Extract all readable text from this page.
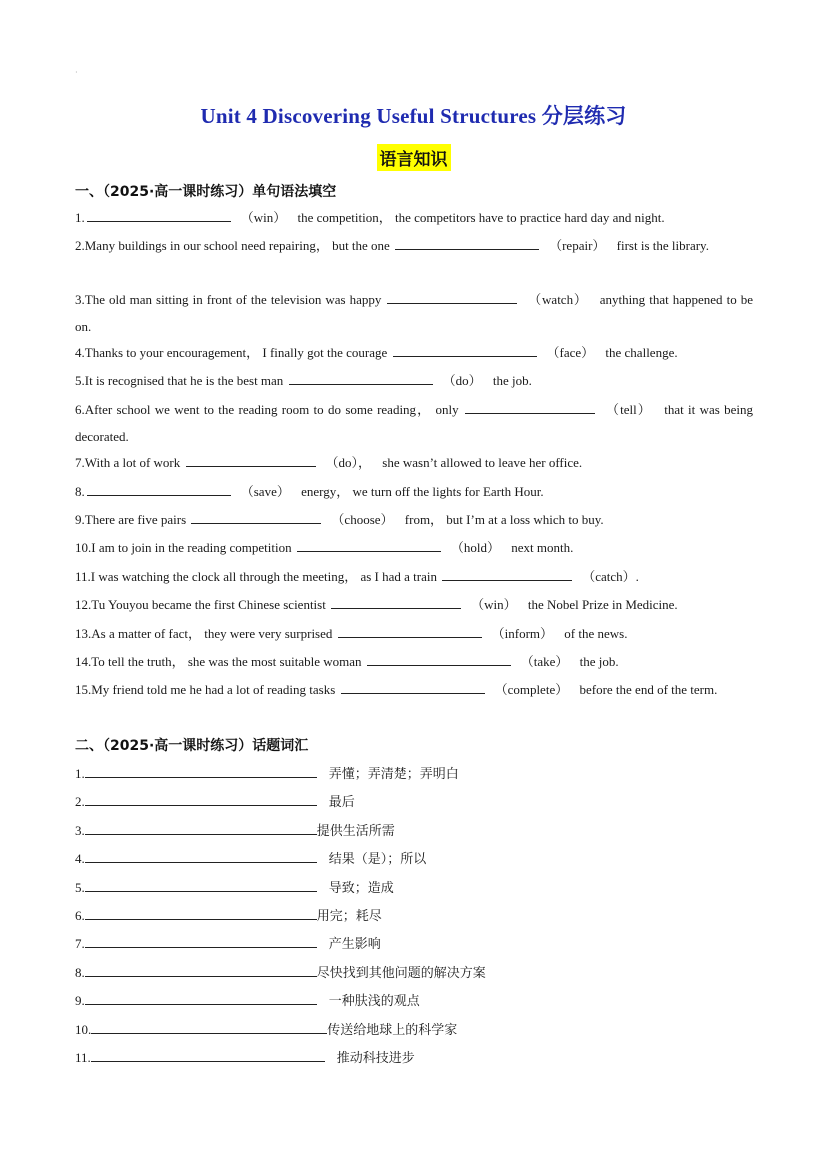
·
Unit 4 Discovering Useful Structures 分层练习
语言知识
一、（2025·高一课时练习）单句语法填空
1.	（win） the competition， the competitors have to practice hard day and night.
2.Many buildings in our school need repairing， but the one	（repair） first is the library.
3.The old man sitting in front of the television was happy	（watch） anything that happened to be on.
4.Thanks to your encouragement， I finally got the courage	（face） the challenge.
5.It is recognised that he is the best man	（do） the job.
6.After school we went to the reading room to do some reading， only	（tell） that it was being decorated.
7.With a lot of work	（do）， she wasn’t allowed to leave her office.
8.	（save） energy， we turn off the lights for Earth Hour.
9.There are five pairs	（choose） from， but I’m at a loss which to buy.
10.I am to join in the reading competition	（hold） next month.
11.I was watching the clock all through the meeting， as I had a train	（catch）.
12.Tu Youyou became the first Chinese scientist	（win） the Nobel Prize in Medicine.
13.As a matter of fact， they were very surprised	（inform） of the news.
14.To tell the truth， she was the most suitable woman	（take） the job.
15.My friend told me he had a lot of reading tasks	（complete） before the end of the term.
二、（2025·高一课时练习）话题词汇
1.	弄懂；弄清楚；弄明白
2.	最后
3.	提供生活所需
4.	结果（是）；所以
5.	导致；造成
6.	用完；耗尽
7.	产生影响
8.	尽快找到其他问题的解决方案
9.	一种肤浅的观点
10.	传送给地球上的科学家
11.	推动科技进步
